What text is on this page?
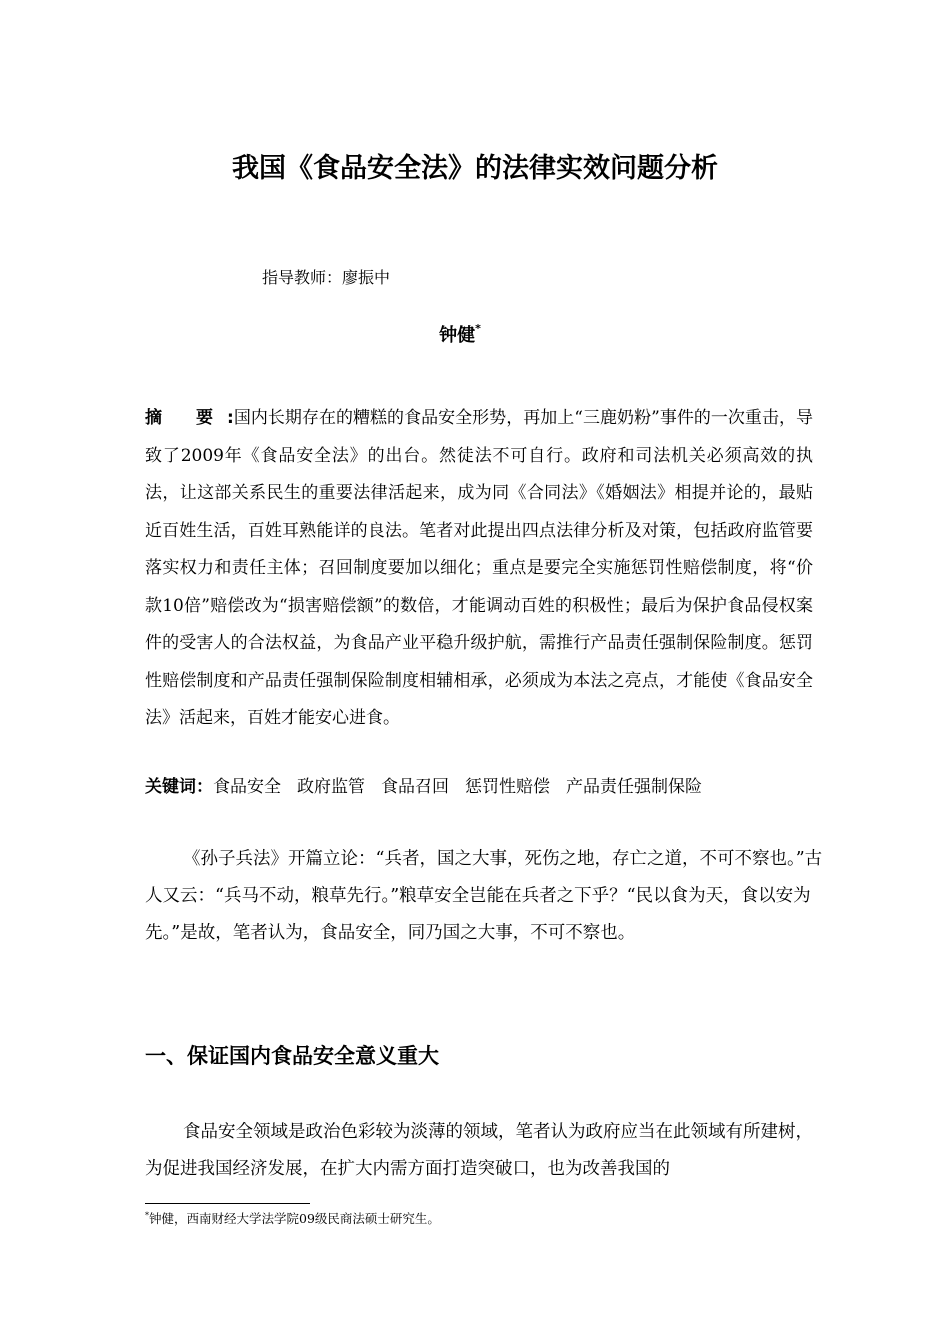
我国《食品安全法》的法律实效问题分析
指导教师：廖振中
钟健*
摘 要:国内长期存在的糟糕的食品安全形势，再加上“三鹿奶粉”事件的一次重击，导致了2009年《食品安全法》的出台。然徒法不可自行。政府和司法机关必须高效的执法，让这部关系民生的重要法律活起来，成为同《合同法》《婚姻法》相提并论的，最贴近百姓生活，百姓耳熟能详的良法。笔者对此提出四点法律分析及对策，包括政府监管要落实权力和责任主体；召回制度要加以细化；重点是要完全实施惩罚性赔偿制度，将“价款10倍”赔偿改为“损害赔偿额”的数倍，才能调动百姓的积极性；最后为保护食品侵权案件的受害人的合法权益，为食品产业平稳升级护航，需推行产品责任强制保险制度。惩罚性赔偿制度和产品责任强制保险制度相辅相承，必须成为本法之亮点，才能使《食品安全法》活起来，百姓才能安心进食。
关键词：食品安全 政府监管 食品召回 惩罚性赔偿 产品责任强制保险
《孙子兵法》开篇立论：“兵者，国之大事，死伤之地，存亡之道，不可不察也。”古人又云：“兵马不动，粮草先行。”粮草安全岂能在兵者之下乎？“民以食为天，食以安为先。”是故，笔者认为，食品安全，同乃国之大事，不可不察也。
一、保证国内食品安全意义重大
食品安全领域是政治色彩较为淡薄的领域，笔者认为政府应当在此领域有所建树，为促进我国经济发展，在扩大内需方面打造突破口，也为改善我国的
*钟健，西南财经大学法学院09级民商法硕士研究生。
